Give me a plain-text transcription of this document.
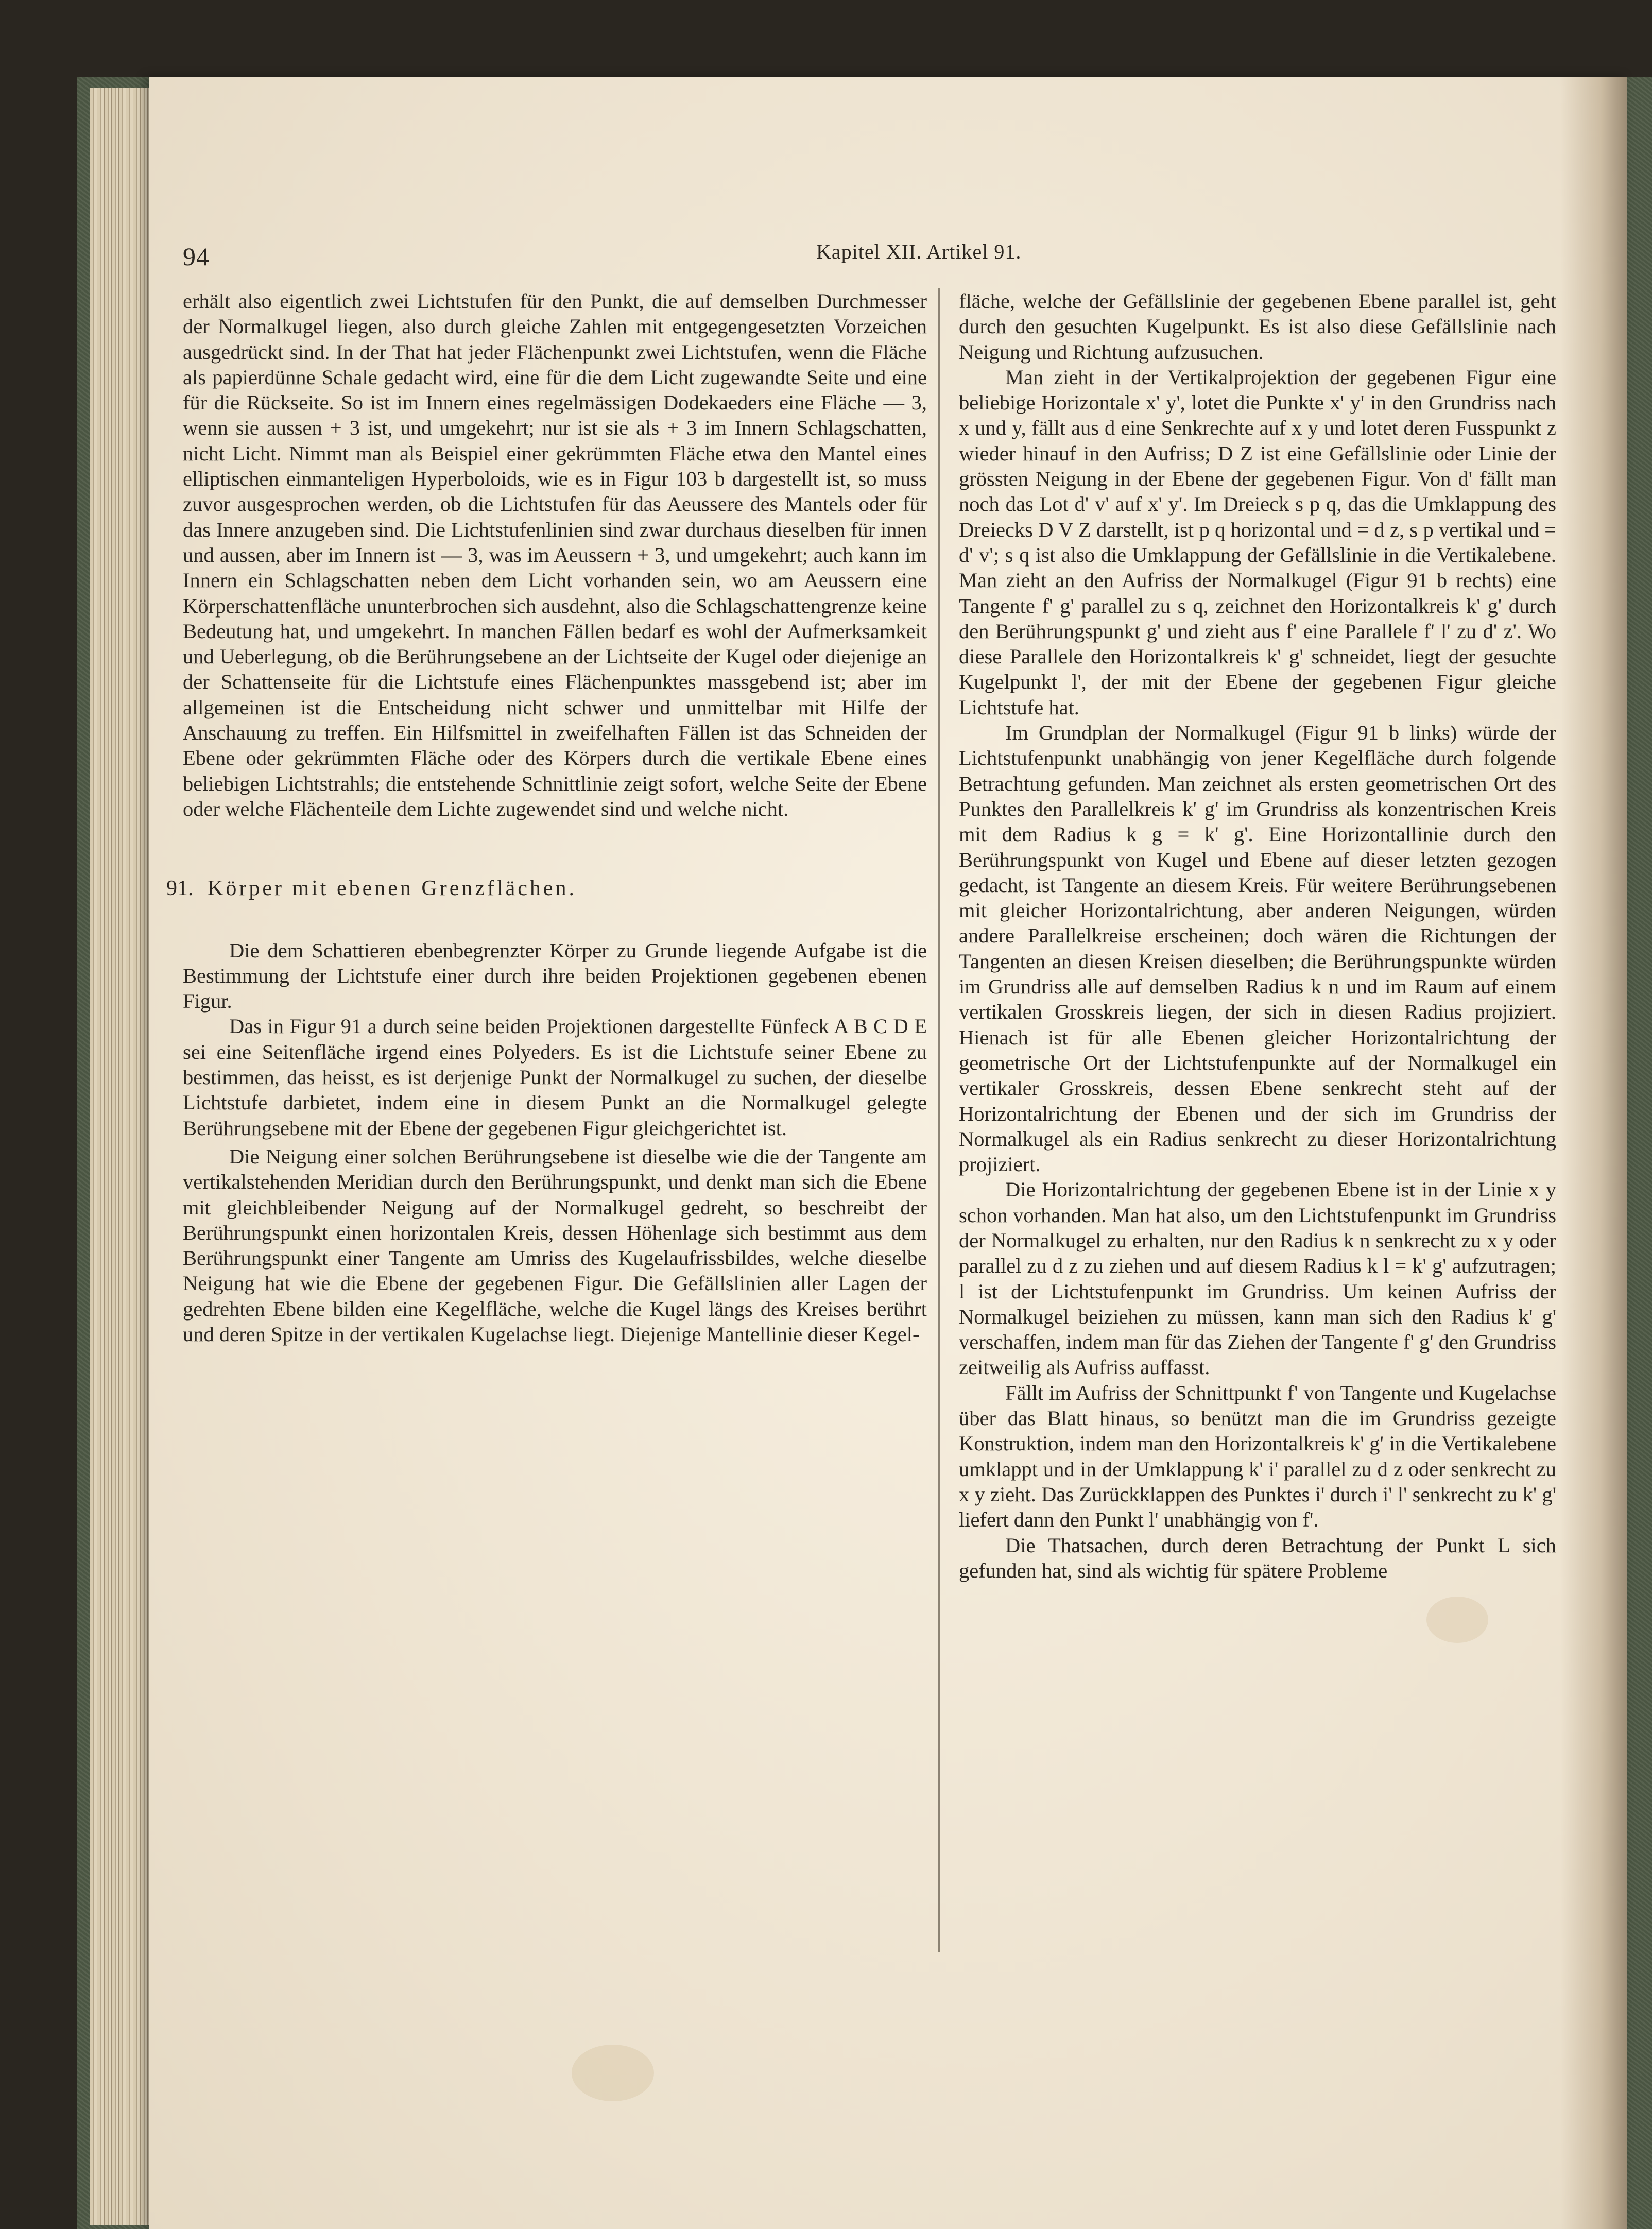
94	Kapitel XII. Artikel 91.

erhält also eigentlich zwei Lichtstufen für den Punkt, die auf demselben Durchmesser der Normalkugel liegen, also durch gleiche Zahlen mit entgegengesetzten Vorzeichen ausgedrückt sind. In der That hat jeder Flächenpunkt zwei Lichtstufen, wenn die Fläche als papierdünne Schale gedacht wird, eine für die dem Licht zugewandte Seite und eine für die Rückseite. So ist im Innern eines regelmässigen Dodekaeders eine Fläche — 3, wenn sie aussen + 3 ist, und umgekehrt; nur ist sie als + 3 im Innern Schlagschatten, nicht Licht. Nimmt man als Beispiel einer gekrümmten Fläche etwa den Mantel eines elliptischen einmanteligen Hyperboloids, wie es in Figur 103 b dargestellt ist, so muss zuvor ausgesprochen werden, ob die Lichtstufen für das Aeussere des Mantels oder für das Innere anzugeben sind. Die Lichtstufenlinien sind zwar durchaus dieselben für innen und aussen, aber im Innern ist — 3, was im Aeussern + 3, und umgekehrt; auch kann im Innern ein Schlagschatten neben dem Licht vorhanden sein, wo am Aeussern eine Körperschattenfläche ununterbrochen sich ausdehnt, also die Schlagschattengrenze keine Bedeutung hat, und umgekehrt. In manchen Fällen bedarf es wohl der Aufmerksamkeit und Ueberlegung, ob die Berührungsebene an der Lichtseite der Kugel oder diejenige an der Schattenseite für die Lichtstufe eines Flächenpunktes massgebend ist; aber im allgemeinen ist die Entscheidung nicht schwer und unmittelbar mit Hilfe der Anschauung zu treffen. Ein Hilfsmittel in zweifelhaften Fällen ist das Schneiden der Ebene oder gekrümmten Fläche oder des Körpers durch die vertikale Ebene eines beliebigen Lichtstrahls; die entstehende Schnittlinie zeigt sofort, welche Seite der Ebene oder welche Flächenteile dem Lichte zugewendet sind und welche nicht.

91. Körper mit ebenen Grenzflächen.

Die dem Schattieren ebenbegrenzter Körper zu Grunde liegende Aufgabe ist die Bestimmung der Lichtstufe einer durch ihre beiden Projektionen gegebenen ebenen Figur.

Das in Figur 91 a durch seine beiden Projektionen dargestellte Fünfeck A B C D E sei eine Seitenfläche irgend eines Polyeders. Es ist die Lichtstufe seiner Ebene zu bestimmen, das heisst, es ist derjenige Punkt der Normalkugel zu suchen, der dieselbe Lichtstufe darbietet, indem eine in diesem Punkt an die Normalkugel gelegte Berührungsebene mit der Ebene der gegebenen Figur gleichgerichtet ist.

Die Neigung einer solchen Berührungsebene ist dieselbe wie die der Tangente am vertikalstehenden Meridian durch den Berührungspunkt, und denkt man sich die Ebene mit gleichbleibender Neigung auf der Normalkugel gedreht, so beschreibt der Berührungspunkt einen horizontalen Kreis, dessen Höhenlage sich bestimmt aus dem Berührungspunkt einer Tangente am Umriss des Kugelaufrissbildes, welche dieselbe Neigung hat wie die Ebene der gegebenen Figur. Die Gefällslinien aller Lagen der gedrehten Ebene bilden eine Kegelfläche, welche die Kugel längs des Kreises berührt und deren Spitze in der vertikalen Kugelachse liegt. Diejenige Mantellinie dieser Kegel-

fläche, welche der Gefällslinie der gegebenen Ebene parallel ist, geht durch den gesuchten Kugelpunkt. Es ist also diese Gefällslinie nach Neigung und Richtung aufzusuchen.

Man zieht in der Vertikalprojektion der gegebenen Figur eine beliebige Horizontale x' y', lotet die Punkte x' y' in den Grundriss nach x und y, fällt aus d eine Senkrechte auf x y und lotet deren Fusspunkt z wieder hinauf in den Aufriss; D Z ist eine Gefällslinie oder Linie der grössten Neigung in der Ebene der gegebenen Figur. Von d' fällt man noch das Lot d' v' auf x' y'. Im Dreieck s p q, das die Umklappung des Dreiecks D V Z darstellt, ist p q horizontal und = d z, s p vertikal und = d' v'; s q ist also die Umklappung der Gefällslinie in die Vertikalebene. Man zieht an den Aufriss der Normalkugel (Figur 91 b rechts) eine Tangente f' g' parallel zu s q, zeichnet den Horizontalkreis k' g' durch den Berührungspunkt g' und zieht aus f' eine Parallele f' l' zu d' z'. Wo diese Parallele den Horizontalkreis k' g' schneidet, liegt der gesuchte Kugelpunkt l', der mit der Ebene der gegebenen Figur gleiche Lichtstufe hat.

Im Grundplan der Normalkugel (Figur 91 b links) würde der Lichtstufenpunkt unabhängig von jener Kegelfläche durch folgende Betrachtung gefunden. Man zeichnet als ersten geometrischen Ort des Punktes den Parallelkreis k' g' im Grundriss als konzentrischen Kreis mit dem Radius k g = k' g'. Eine Horizontallinie durch den Berührungspunkt von Kugel und Ebene auf dieser letzten gezogen gedacht, ist Tangente an diesem Kreis. Für weitere Berührungsebenen mit gleicher Horizontalrichtung, aber anderen Neigungen, würden andere Parallelkreise erscheinen; doch wären die Richtungen der Tangenten an diesen Kreisen dieselben; die Berührungspunkte würden im Grundriss alle auf demselben Radius k n und im Raum auf einem vertikalen Grosskreis liegen, der sich in diesen Radius projiziert. Hienach ist für alle Ebenen gleicher Horizontalrichtung der geometrische Ort der Lichtstufenpunkte auf der Normalkugel ein vertikaler Grosskreis, dessen Ebene senkrecht steht auf der Horizontalrichtung der Ebenen und der sich im Grundriss der Normalkugel als ein Radius senkrecht zu dieser Horizontalrichtung projiziert.

Die Horizontalrichtung der gegebenen Ebene ist in der Linie x y schon vorhanden. Man hat also, um den Lichtstufenpunkt im Grundriss der Normalkugel zu erhalten, nur den Radius k n senkrecht zu x y oder parallel zu d z zu ziehen und auf diesem Radius k l = k' g' aufzutragen; l ist der Lichtstufenpunkt im Grundriss. Um keinen Aufriss der Normalkugel beiziehen zu müssen, kann man sich den Radius k' g' verschaffen, indem man für das Ziehen der Tangente f' g' den Grundriss zeitweilig als Aufriss auffasst.

Fällt im Aufriss der Schnittpunkt f' von Tangente und Kugelachse über das Blatt hinaus, so benützt man die im Grundriss gezeigte Konstruktion, indem man den Horizontalkreis k' g' in die Vertikalebene umklappt und in der Umklappung k' i' parallel zu d z oder senkrecht zu x y zieht. Das Zurückklappen des Punktes i' durch i' l' senkrecht zu k' g' liefert dann den Punkt l' unabhängig von f'.

Die Thatsachen, durch deren Betrachtung der Punkt L sich gefunden hat, sind als wichtig für spätere Probleme
